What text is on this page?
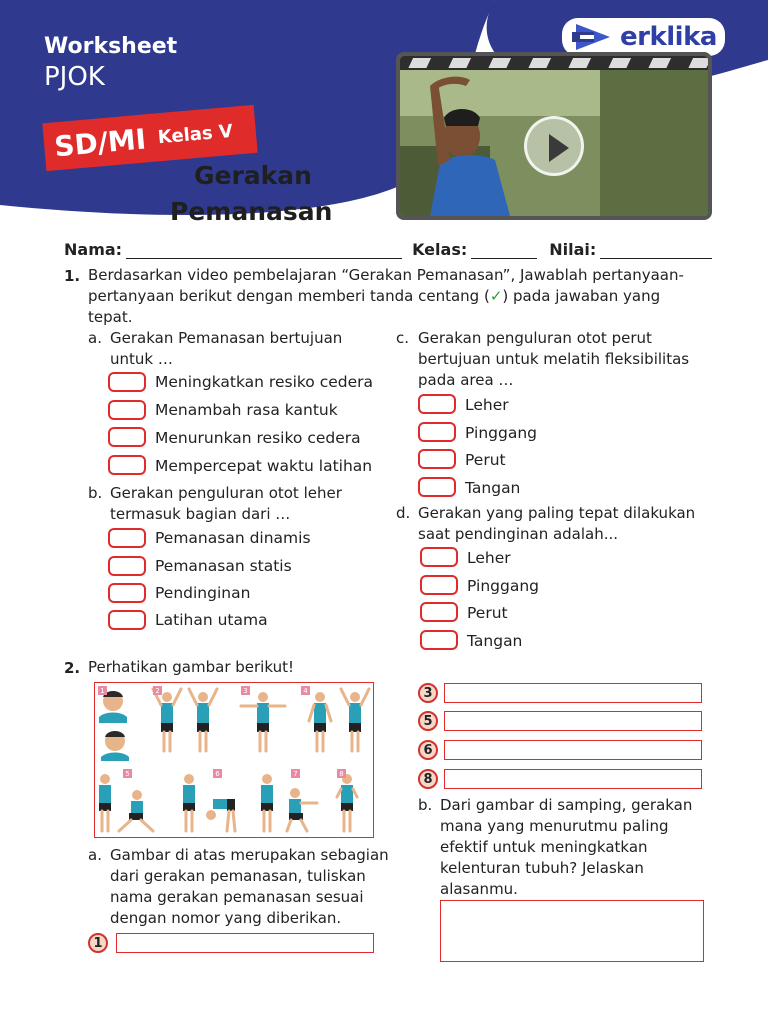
Worksheet
PJOK
SD/MI Kelas V
Gerakan
Pemanasan
erklika
Nama:	Kelas:	Nilai:
1. Berdasarkan video pembelajaran “Gerakan Pemanasan”, Jawablah pertanyaan-
pertanyaan berikut dengan memberi tanda centang (✓) pada jawaban yang
tepat.
a. Gerakan Pemanasan bertujuan
untuk …
Meningkatkan resiko cedera
Menambah rasa kantuk
Menurunkan resiko cedera
Mempercepat waktu latihan
b. Gerakan penguluran otot leher
termasuk bagian dari …
Pemanasan dinamis
Pemanasan statis
Pendinginan
Latihan utama
c. Gerakan penguluran otot perut
bertujuan untuk melatih fleksibilitas
pada area …
Leher
Pinggang
Perut
Tangan
d. Gerakan yang paling tepat dilakukan
saat pendinginan adalah...
Leher
Pinggang
Perut
Tangan
2. Perhatikan gambar berikut!
1	2	3	4
5	6	7	8
a. Gambar di atas merupakan sebagian
dari gerakan pemanasan, tuliskan
nama gerakan pemanasan sesuai
dengan nomor yang diberikan.
1
3
5
6
8
b. Dari gambar di samping, gerakan
mana yang menurutmu paling
efektif untuk meningkatkan
kelenturan tubuh? Jelaskan
alasanmu.
